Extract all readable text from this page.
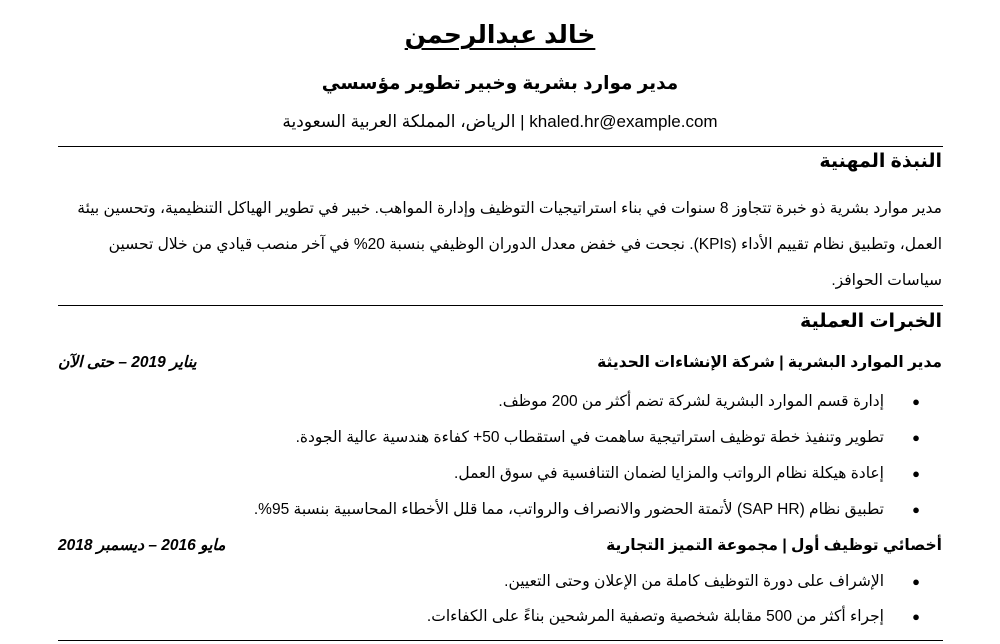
خالد عبدالرحمن
مدير موارد بشرية وخبير تطوير مؤسسي
khaled.hr@example.com | الرياض، المملكة العربية السعودية
النبذة المهنية
مدير موارد بشرية ذو خبرة تتجاوز 8 سنوات في بناء استراتيجيات التوظيف وإدارة المواهب. خبير في تطوير الهياكل التنظيمية، وتحسين بيئة
العمل، وتطبيق نظام تقييم الأداء (KPIs). نجحت في خفض معدل الدوران الوظيفي بنسبة 20% في آخر منصب قيادي من خلال تحسين
سياسات الحوافز.
الخبرات العملية
مدير الموارد البشرية | شركة الإنشاءات الحديثة
يناير 2019 – حتى الآن
●
إدارة قسم الموارد البشرية لشركة تضم أكثر من 200 موظف.
●
تطوير وتنفيذ خطة توظيف استراتيجية ساهمت في استقطاب 50+ كفاءة هندسية عالية الجودة.
●
إعادة هيكلة نظام الرواتب والمزايا لضمان التنافسية في سوق العمل.
●
تطبيق نظام (SAP HR) لأتمتة الحضور والانصراف والرواتب، مما قلل الأخطاء المحاسبية بنسبة 95%.
أخصائي توظيف أول | مجموعة التميز التجارية
مايو 2016 – ديسمبر 2018
●
الإشراف على دورة التوظيف كاملة من الإعلان وحتى التعيين.
●
إجراء أكثر من 500 مقابلة شخصية وتصفية المرشحين بناءً على الكفاءات.
